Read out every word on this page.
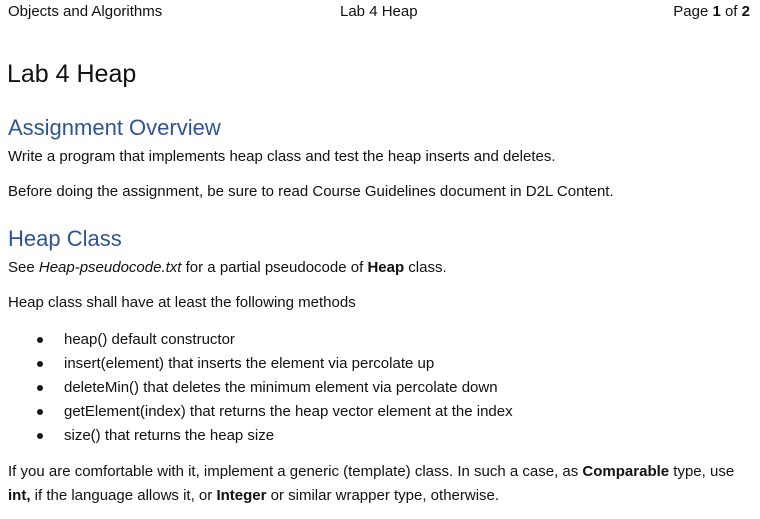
Objects and Algorithms	Lab 4 Heap	Page 1 of 2
Lab 4 Heap
Assignment Overview

Write a program that implements heap class and test the heap inserts and deletes.

Before doing the assignment, be sure to read Course Guidelines document in D2L Content.

Heap Class

See Heap-pseudocode.txt for a partial pseudocode of Heap class.

Heap class shall have at least the following methods

heap() default constructor
insert(element) that inserts the element via percolate up
deleteMin() that deletes the minimum element via percolate down
getElement(index) that returns the heap vector element at the index
size() that returns the heap size

If you are comfortable with it, implement a generic (template) class. In such a case, as Comparable type, use int, if the language allows it, or Integer or similar wrapper type, otherwise.
